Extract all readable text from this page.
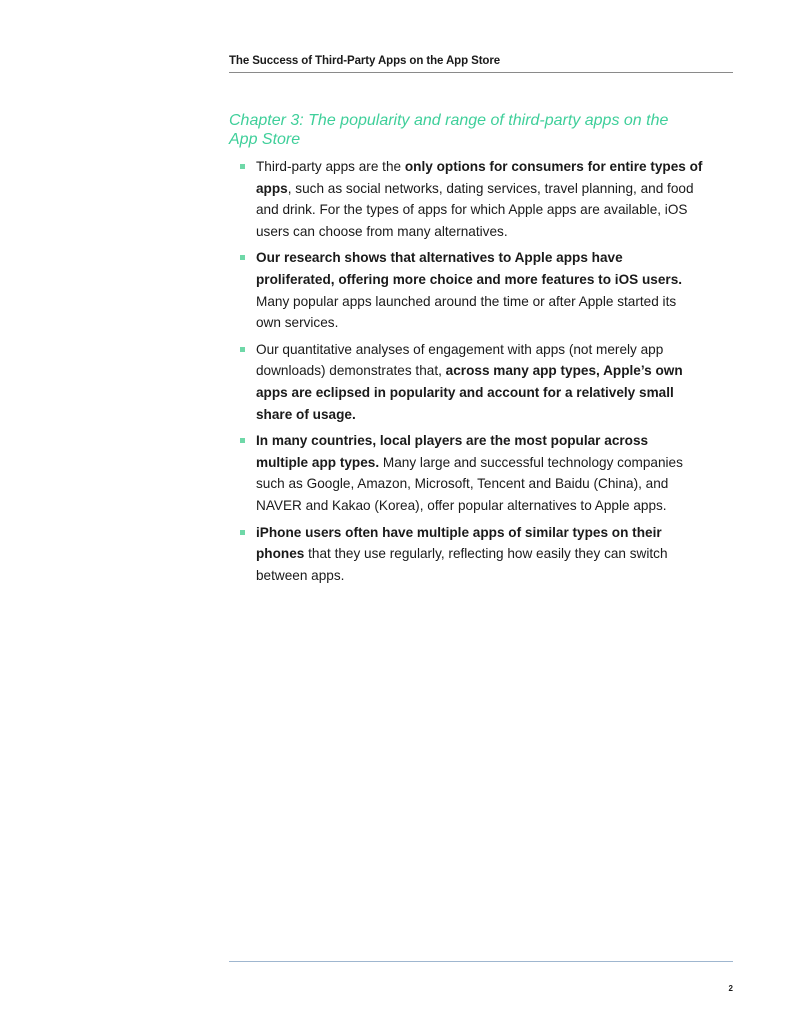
The Success of Third-Party Apps on the App Store
Chapter 3: The popularity and range of third-party apps on the App Store
Third-party apps are the only options for consumers for entire types of apps, such as social networks, dating services, travel planning, and food and drink. For the types of apps for which Apple apps are available, iOS users can choose from many alternatives.
Our research shows that alternatives to Apple apps have proliferated, offering more choice and more features to iOS users. Many popular apps launched around the time or after Apple started its own services.
Our quantitative analyses of engagement with apps (not merely app downloads) demonstrates that, across many app types, Apple’s own apps are eclipsed in popularity and account for a relatively small share of usage.
In many countries, local players are the most popular across multiple app types. Many large and successful technology companies such as Google, Amazon, Microsoft, Tencent and Baidu (China), and NAVER and Kakao (Korea), offer popular alternatives to Apple apps.
iPhone users often have multiple apps of similar types on their phones that they use regularly, reflecting how easily they can switch between apps.
2
